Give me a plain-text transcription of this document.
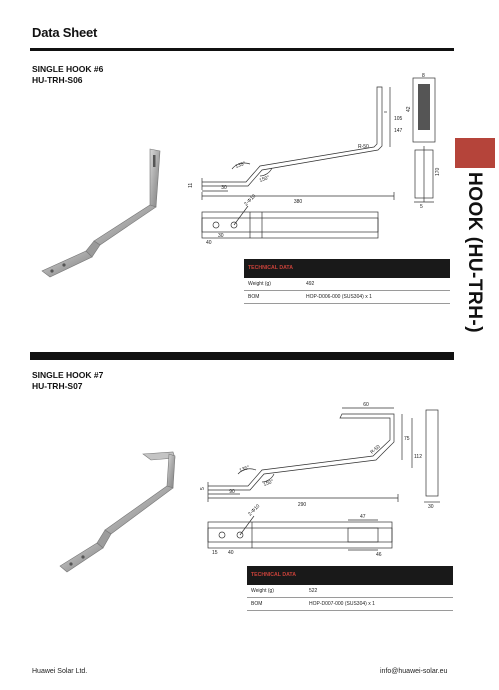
Data Sheet
HOOK (HU-TRH-)
SINGLE HOOK #6
HU-TRH-S06
380
30
105
147
R-50
30
40
2-Φ10
11
42
170
8
135°
150°
5
TECHNICAL DATA
Weight (g)	492
BOM	HOP-D006-000 (SUS304) x 1
SINGLE HOOK #7
HU-TRH-S07
60
75
R-50
112
135°
150°
90
290
2-Φ10
40
15
47
46
30
5
TECHNICAL DATA
Weight (g)	522
BOM	HOP-D007-000 (SUS304) x 1
Huawei Solar Ltd.	info@huawei-solar.eu
